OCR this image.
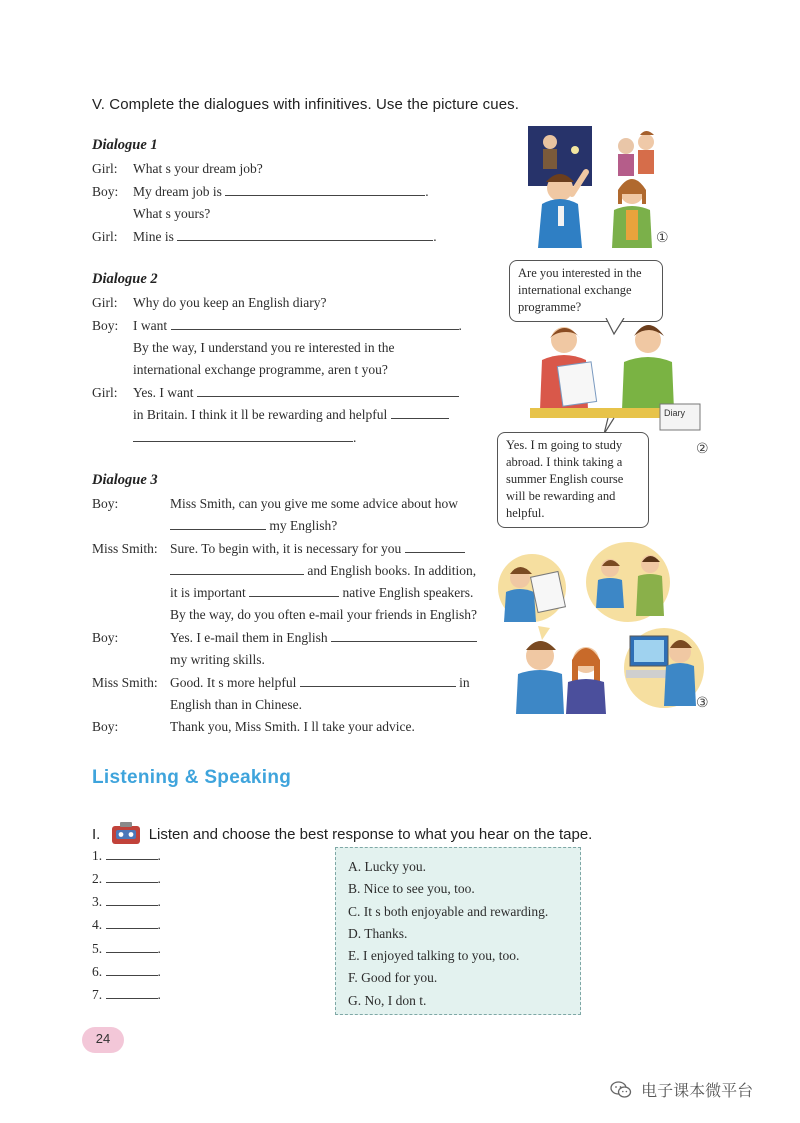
V. Complete the dialogues with infinitives. Use the picture cues.
Dialogue 1
Girl: What s your dream job?
Boy: My dream job is	.
What s yours?
Girl: Mine is	.	①
Dialogue 2
Girl: Why do you keep an English diary?
Boy: I want	.
By the way, I understand you re interested in the
international exchange programme, aren t you?
Girl: Yes. I want
in Britain. I think it ll be rewarding and helpful
.
Are you interested in the international exchange programme?
Diary
②
Yes. I m going to study abroad. I think taking a summer English course will be rewarding and helpful.
Dialogue 3
Boy:	Miss Smith, can you give me some advice about how
my English?
Miss Smith: Sure. To begin with, it is necessary for you
and English books. In addition,
it is important	native English speakers.
By the way, do you often e-mail your friends in English?
Boy:	Yes. I e-mail them in English
my writing skills.
Miss Smith: Good. It s more helpful	in
English than in Chinese.
Boy:	Thank you, Miss Smith. I ll take your advice.
③
Listening & Speaking
I.	Listen and choose the best response to what you hear on the tape.
1.	.
2.	.
3.	.
4.	.
5.	.
6.	.
7.	.
A. Lucky you.
B. Nice to see you, too.
C. It s both enjoyable and rewarding.
D. Thanks.
E. I enjoyed talking to you, too.
F. Good for you.
G. No, I don t.
24
电子课本微平台
